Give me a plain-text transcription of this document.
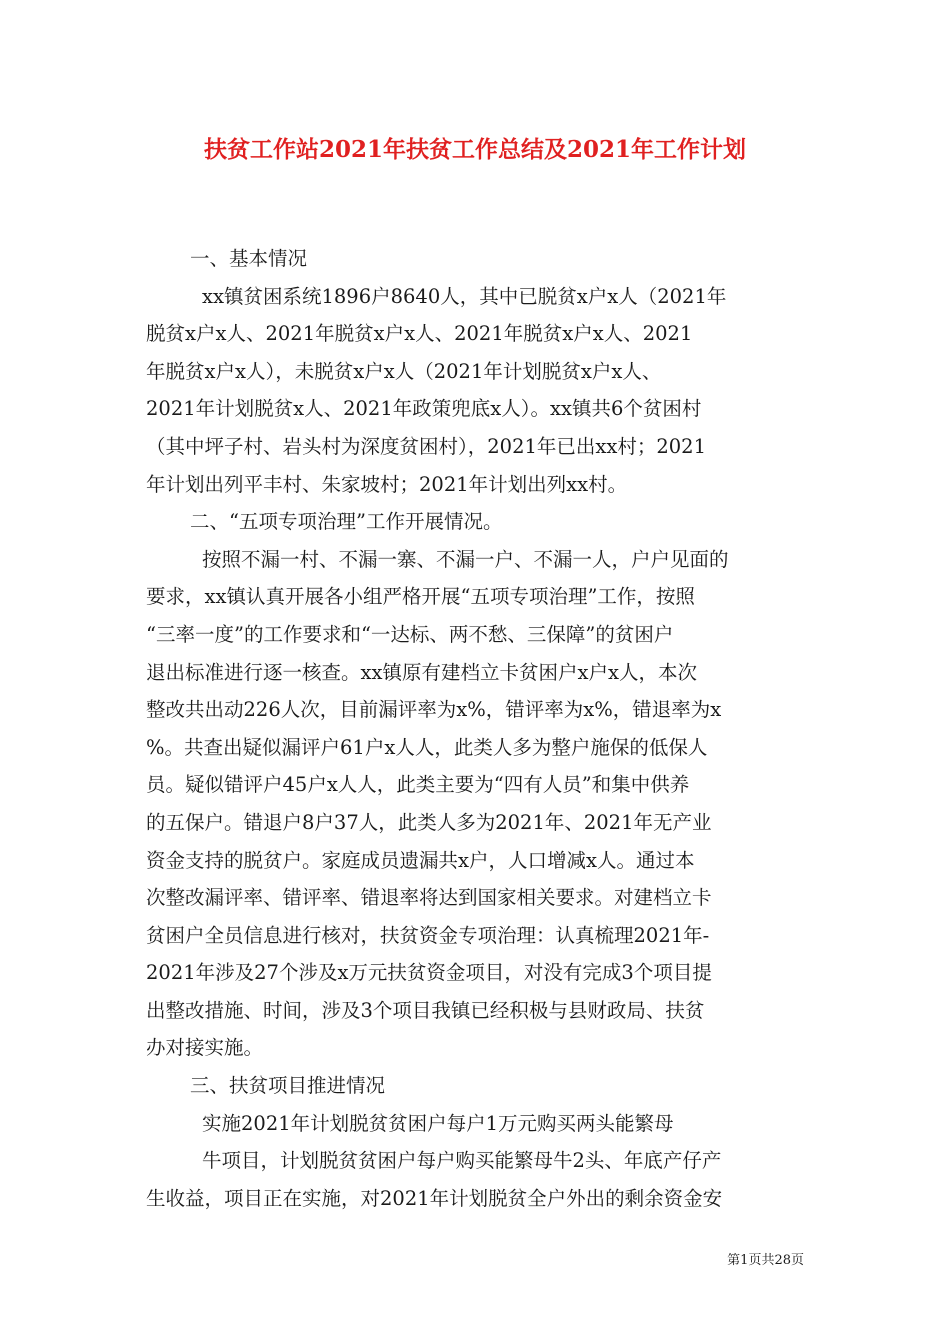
扶贫工作站2021年扶贫工作总结及2021年工作计划
一、基本情况
xx镇贫困系统1896户8640人，其中已脱贫x户x人（2021年
脱贫x户x人、2021年脱贫x户x人、2021年脱贫x户x人、2021
年脱贫x户x人），未脱贫x户x人（2021年计划脱贫x户x人、
2021年计划脱贫x人、2021年政策兜底x人）。xx镇共6个贫困村
（其中坪子村、岩头村为深度贫困村），2021年已出xx村；2021
年计划出列平丰村、朱家坡村；2021年计划出列xx村。
二、“五项专项治理”工作开展情况。
按照不漏一村、不漏一寨、不漏一户、不漏一人，户户见面的
要求，xx镇认真开展各小组严格开展“五项专项治理”工作，按照
“三率一度”的工作要求和“一达标、两不愁、三保障”的贫困户
退出标准进行逐一核查。xx镇原有建档立卡贫困户x户x人，本次
整改共出动226人次，目前漏评率为x%，错评率为x%，错退率为x
%。共查出疑似漏评户61户x人人，此类人多为整户施保的低保人
员。疑似错评户45户x人人，此类主要为“四有人员”和集中供养
的五保户。错退户8户37人，此类人多为2021年、2021年无产业
资金支持的脱贫户。家庭成员遗漏共x户，人口增减x人。通过本
次整改漏评率、错评率、错退率将达到国家相关要求。对建档立卡
贫困户全员信息进行核对，扶贫资金专项治理：认真梳理2021年-
2021年涉及27个涉及x万元扶贫资金项目，对没有完成3个项目提
出整改措施、时间，涉及3个项目我镇已经积极与县财政局、扶贫
办对接实施。
三、扶贫项目推进情况
实施2021年计划脱贫贫困户每户1万元购买两头能繁母
牛项目，计划脱贫贫困户每户购买能繁母牛2头、年底产仔产
生收益，项目正在实施，对2021年计划脱贫全户外出的剩余资金安
第1页共28页
